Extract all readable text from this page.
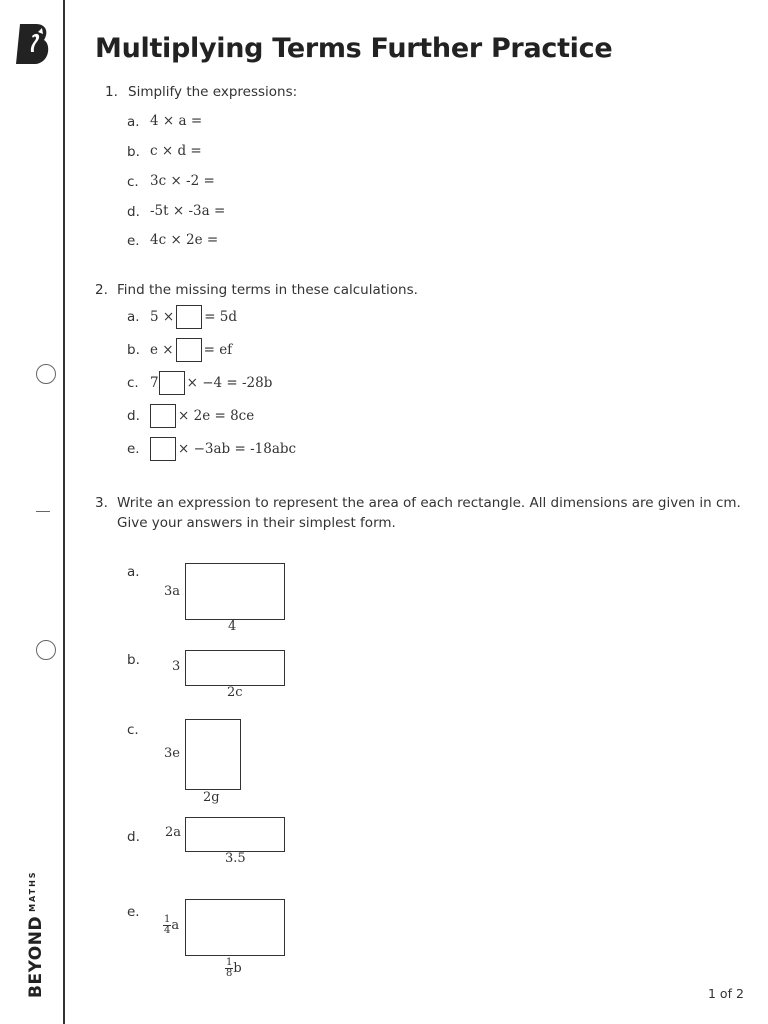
$BEYOND^{MATHS}$
Multiplying Terms Further Practice
1. Simplify the expressions:
a. 4 × a =
b. c × d =
c. 3c × -2 =
d. -5t × -3a =
e. 4c × 2e =
2. Find the missing terms in these calculations.
a. 5 × = 5d
b. e × = ef
c. 7 × −4 = -28b
d.	× 2e = 8ce
e.	× −3ab = -18abc
3. Write an expression to represent the area of each rectangle. All dimensions are given in cm.
Give your answers in their simplest form.
a.
3a
4
b. 3
2c
c.
3e
2g
d. 2a
3.5
e.
$\frac{1}{4}$ a
$\frac{1}{8}$ b
1 of 2
